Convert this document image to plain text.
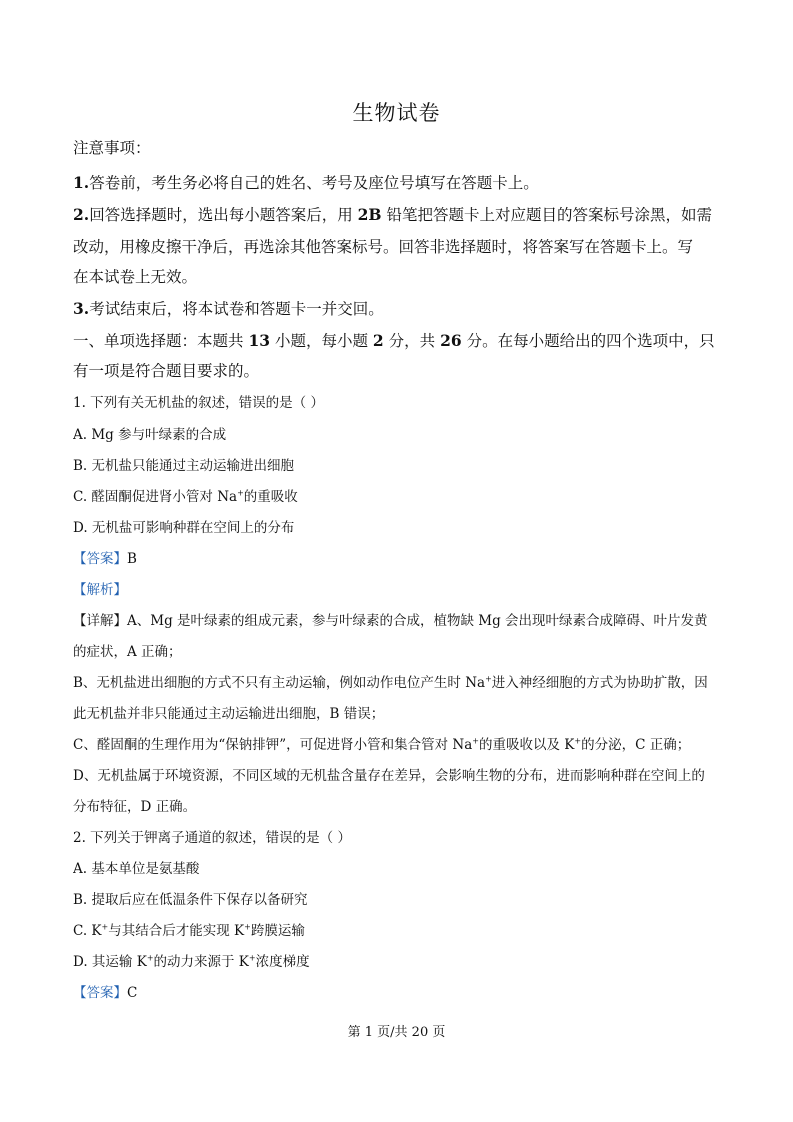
生物试卷
注意事项：
1.答卷前，考生务必将自己的姓名、考号及座位号填写在答题卡上。
2.回答选择题时，选出每小题答案后，用 2B 铅笔把答题卡上对应题目的答案标号涂黑，如需
改动，用橡皮擦干净后，再选涂其他答案标号。回答非选择题时，将答案写在答题卡上。写
在本试卷上无效。
3.考试结束后，将本试卷和答题卡一并交回。
一、单项选择题：本题共 13 小题，每小题 2 分，共 26 分。在每小题给出的四个选项中，只
有一项是符合题目要求的。
1. 下列有关无机盐的叙述，错误的是（ ）
A. Mg 参与叶绿素的合成
B. 无机盐只能通过主动运输进出细胞
C. 醛固酮促进肾小管对 Na+的重吸收
D. 无机盐可影响种群在空间上的分布
【答案】B
【解析】
【详解】A、Mg 是叶绿素的组成元素，参与叶绿素的合成，植物缺 Mg 会出现叶绿素合成障碍、叶片发黄
的症状，A 正确；
B、无机盐进出细胞的方式不只有主动运输，例如动作电位产生时 Na+进入神经细胞的方式为协助扩散，因
此无机盐并非只能通过主动运输进出细胞，B 错误；
C、醛固酮的生理作用为“保钠排钾”，可促进肾小管和集合管对 Na+的重吸收以及 K+的分泌，C 正确；
D、无机盐属于环境资源，不同区域的无机盐含量存在差异，会影响生物的分布，进而影响种群在空间上的
分布特征，D 正确。
2. 下列关于钾离子通道的叙述，错误的是（ ）
A. 基本单位是氨基酸
B. 提取后应在低温条件下保存以备研究
C. K+与其结合后才能实现 K+跨膜运输
D. 其运输 K+的动力来源于 K+浓度梯度
【答案】C
第 1 页/共 20 页
